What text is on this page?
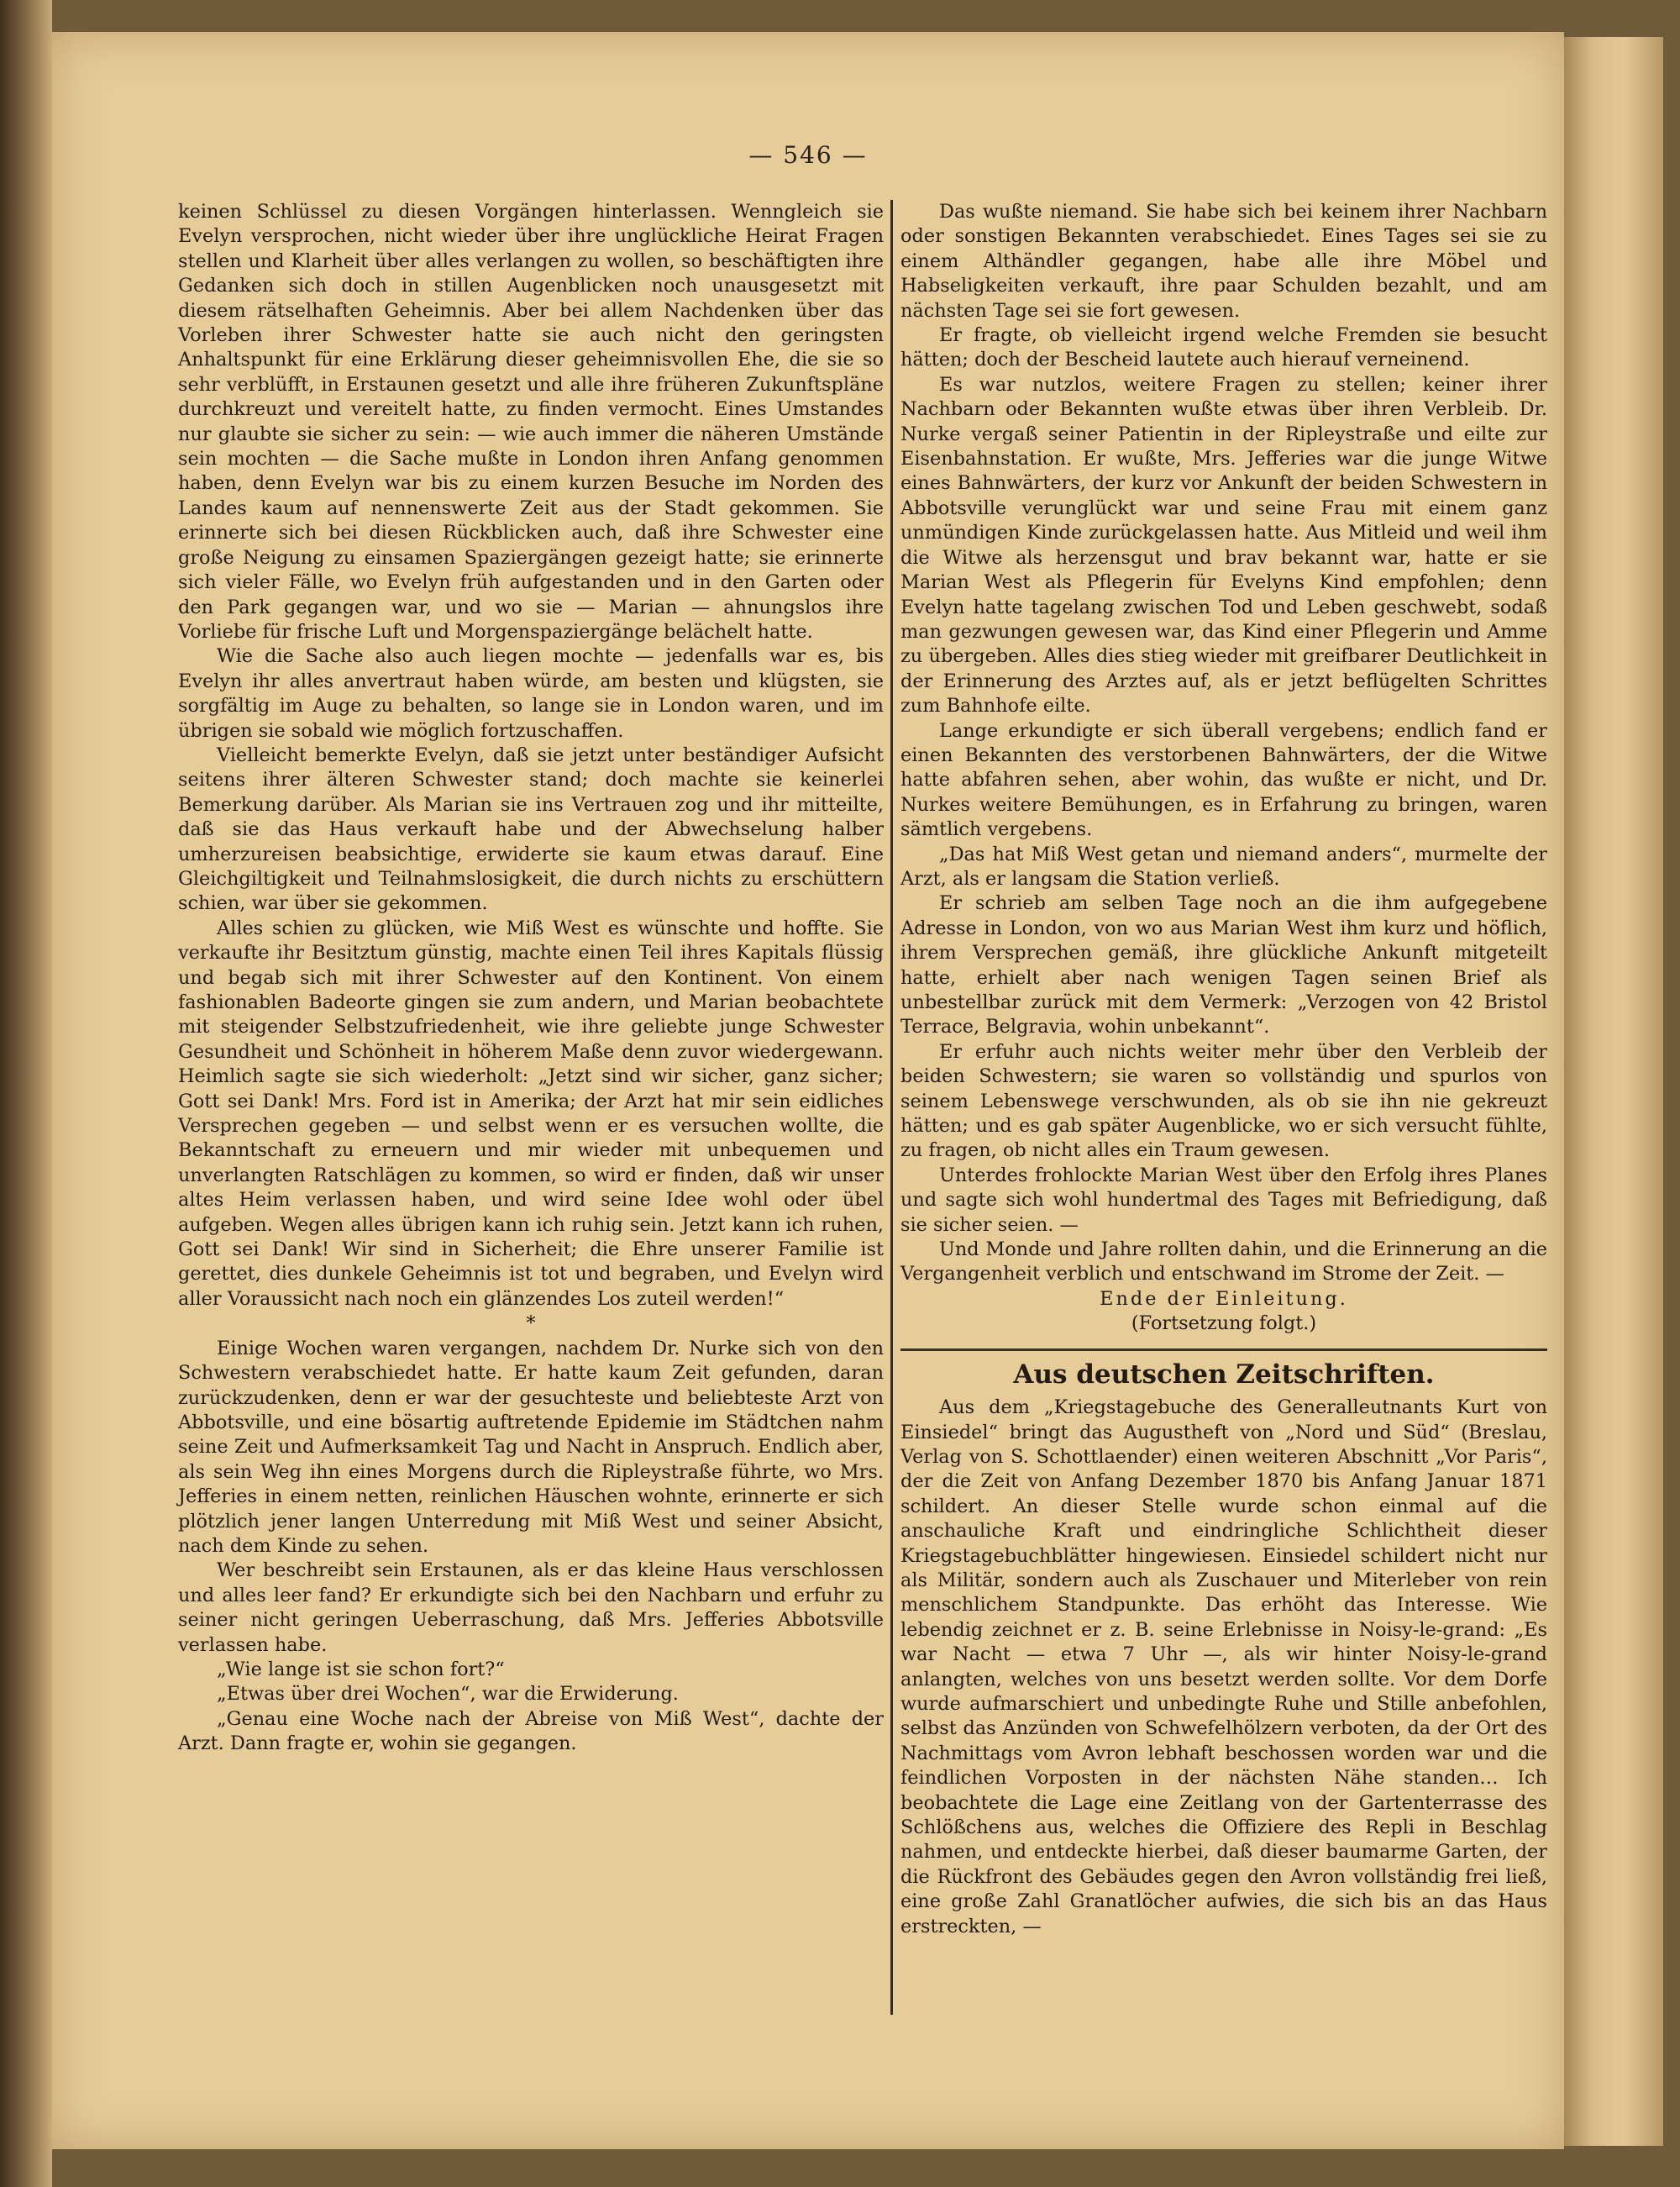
— 546 —

keinen Schlüssel zu diesen Vorgängen hinterlassen. Wenngleich sie Evelyn versprochen, nicht wieder über ihre unglückliche Heirat Fragen stellen und Klarheit über alles verlangen zu wollen, so beschäftigten ihre Gedanken sich doch in stillen Augenblicken noch unausgesetzt mit diesem rätselhaften Geheimnis. Aber bei allem Nachdenken über das Vorleben ihrer Schwester hatte sie auch nicht den geringsten Anhaltspunkt für eine Erklärung dieser geheimnisvollen Ehe, die sie so sehr verblüfft, in Erstaunen gesetzt und alle ihre früheren Zukunftspläne durchkreuzt und vereitelt hatte, zu finden vermocht. Eines Umstandes nur glaubte sie sicher zu sein: — wie auch immer die näheren Umstände sein mochten — die Sache mußte in London ihren Anfang genommen haben, denn Evelyn war bis zu einem kurzen Besuche im Norden des Landes kaum auf nennenswerte Zeit aus der Stadt gekommen. Sie erinnerte sich bei diesen Rückblicken auch, daß ihre Schwester eine große Neigung zu einsamen Spaziergängen gezeigt hatte; sie erinnerte sich vieler Fälle, wo Evelyn früh aufgestanden und in den Garten oder den Park gegangen war, und wo sie — Marian — ahnungslos ihre Vorliebe für frische Luft und Morgenspaziergänge belächelt hatte.

Wie die Sache also auch liegen mochte — jedenfalls war es, bis Evelyn ihr alles anvertraut haben würde, am besten und klügsten, sie sorgfältig im Auge zu behalten, so lange sie in London waren, und im übrigen sie sobald wie möglich fortzuschaffen.

Vielleicht bemerkte Evelyn, daß sie jetzt unter beständiger Aufsicht seitens ihrer älteren Schwester stand; doch machte sie keinerlei Bemerkung darüber. Als Marian sie ins Vertrauen zog und ihr mitteilte, daß sie das Haus verkauft habe und der Abwechselung halber umherzureisen beabsichtige, erwiderte sie kaum etwas darauf. Eine Gleichgiltigkeit und Teilnahmslosigkeit, die durch nichts zu erschüttern schien, war über sie gekommen.

Alles schien zu glücken, wie Miß West es wünschte und hoffte. Sie verkaufte ihr Besitztum günstig, machte einen Teil ihres Kapitals flüssig und begab sich mit ihrer Schwester auf den Kontinent. Von einem fashionablen Badeorte gingen sie zum andern, und Marian beobachtete mit steigender Selbstzufriedenheit, wie ihre geliebte junge Schwester Gesundheit und Schönheit in höherem Maße denn zuvor wiedergewann. Heimlich sagte sie sich wiederholt: „Jetzt sind wir sicher, ganz sicher; Gott sei Dank! Mrs. Ford ist in Amerika; der Arzt hat mir sein eidliches Versprechen gegeben — und selbst wenn er es versuchen wollte, die Bekanntschaft zu erneuern und mir wieder mit unbequemen und unverlangten Ratschlägen zu kommen, so wird er finden, daß wir unser altes Heim verlassen haben, und wird seine Idee wohl oder übel aufgeben. Wegen alles übrigen kann ich ruhig sein. Jetzt kann ich ruhen, Gott sei Dank! Wir sind in Sicherheit; die Ehre unserer Familie ist gerettet, dies dunkele Geheimnis ist tot und begraben, und Evelyn wird aller Voraussicht nach noch ein glänzendes Los zuteil werden!“

*

Einige Wochen waren vergangen, nachdem Dr. Nurke sich von den Schwestern verabschiedet hatte. Er hatte kaum Zeit gefunden, daran zurückzudenken, denn er war der gesuchteste und beliebteste Arzt von Abbotsville, und eine bösartig auftretende Epidemie im Städtchen nahm seine Zeit und Aufmerksamkeit Tag und Nacht in Anspruch. Endlich aber, als sein Weg ihn eines Morgens durch die Ripleystraße führte, wo Mrs. Jefferies in einem netten, reinlichen Häuschen wohnte, erinnerte er sich plötzlich jener langen Unterredung mit Miß West und seiner Absicht, nach dem Kinde zu sehen.

Wer beschreibt sein Erstaunen, als er das kleine Haus verschlossen und alles leer fand? Er erkundigte sich bei den Nachbarn und erfuhr zu seiner nicht geringen Ueberraschung, daß Mrs. Jefferies Abbotsville verlassen habe.

„Wie lange ist sie schon fort?“

„Etwas über drei Wochen“, war die Erwiderung.

„Genau eine Woche nach der Abreise von Miß West“, dachte der Arzt. Dann fragte er, wohin sie gegangen.

Das wußte niemand. Sie habe sich bei keinem ihrer Nachbarn oder sonstigen Bekannten verabschiedet. Eines Tages sei sie zu einem Althändler gegangen, habe alle ihre Möbel und Habseligkeiten verkauft, ihre paar Schulden bezahlt, und am nächsten Tage sei sie fort gewesen.

Er fragte, ob vielleicht irgend welche Fremden sie besucht hätten; doch der Bescheid lautete auch hierauf verneinend.

Es war nutzlos, weitere Fragen zu stellen; keiner ihrer Nachbarn oder Bekannten wußte etwas über ihren Verbleib. Dr. Nurke vergaß seiner Patientin in der Ripleystraße und eilte zur Eisenbahnstation. Er wußte, Mrs. Jefferies war die junge Witwe eines Bahnwärters, der kurz vor Ankunft der beiden Schwestern in Abbotsville verunglückt war und seine Frau mit einem ganz unmündigen Kinde zurückgelassen hatte. Aus Mitleid und weil ihm die Witwe als herzensgut und brav bekannt war, hatte er sie Marian West als Pflegerin für Evelyns Kind empfohlen; denn Evelyn hatte tagelang zwischen Tod und Leben geschwebt, sodaß man gezwungen gewesen war, das Kind einer Pflegerin und Amme zu übergeben. Alles dies stieg wieder mit greifbarer Deutlichkeit in der Erinnerung des Arztes auf, als er jetzt beflügelten Schrittes zum Bahnhofe eilte.

Lange erkundigte er sich überall vergebens; endlich fand er einen Bekannten des verstorbenen Bahnwärters, der die Witwe hatte abfahren sehen, aber wohin, das wußte er nicht, und Dr. Nurkes weitere Bemühungen, es in Erfahrung zu bringen, waren sämtlich vergebens.

„Das hat Miß West getan und niemand anders“, murmelte der Arzt, als er langsam die Station verließ.

Er schrieb am selben Tage noch an die ihm aufgegebene Adresse in London, von wo aus Marian West ihm kurz und höflich, ihrem Versprechen gemäß, ihre glückliche Ankunft mitgeteilt hatte, erhielt aber nach wenigen Tagen seinen Brief als unbestellbar zurück mit dem Vermerk: „Verzogen von 42 Bristol Terrace, Belgravia, wohin unbekannt“.

Er erfuhr auch nichts weiter mehr über den Verbleib der beiden Schwestern; sie waren so vollständig und spurlos von seinem Lebenswege verschwunden, als ob sie ihn nie gekreuzt hätten; und es gab später Augenblicke, wo er sich versucht fühlte, zu fragen, ob nicht alles ein Traum gewesen.

Unterdes frohlockte Marian West über den Erfolg ihres Planes und sagte sich wohl hundertmal des Tages mit Befriedigung, daß sie sicher seien. —

Und Monde und Jahre rollten dahin, und die Erinnerung an die Vergangenheit verblich und entschwand im Strome der Zeit. —

Ende der Einleitung.

(Fortsetzung folgt.)

Aus deutschen Zeitschriften.

Aus dem „Kriegstagebuche des Generalleutnants Kurt von Einsiedel“ bringt das Augustheft von „Nord und Süd“ (Breslau, Verlag von S. Schottlaender) einen weiteren Abschnitt „Vor Paris“, der die Zeit von Anfang Dezember 1870 bis Anfang Januar 1871 schildert. An dieser Stelle wurde schon einmal auf die anschauliche Kraft und eindringliche Schlichtheit dieser Kriegstagebuchblätter hingewiesen. Einsiedel schildert nicht nur als Militär, sondern auch als Zuschauer und Miterleber von rein menschlichem Standpunkte. Das erhöht das Interesse. Wie lebendig zeichnet er z. B. seine Erlebnisse in Noisy-le-grand: „Es war Nacht — etwa 7 Uhr —, als wir hinter Noisy-le-grand anlangten, welches von uns besetzt werden sollte. Vor dem Dorfe wurde aufmarschiert und unbedingte Ruhe und Stille anbefohlen, selbst das Anzünden von Schwefelhölzern verboten, da der Ort des Nachmittags vom Avron lebhaft beschossen worden war und die feindlichen Vorposten in der nächsten Nähe standen… Ich beobachtete die Lage eine Zeitlang von der Gartenterrasse des Schlößchens aus, welches die Offiziere des Repli in Beschlag nahmen, und entdeckte hierbei, daß dieser baumarme Garten, der die Rückfront des Gebäudes gegen den Avron vollständig frei ließ, eine große Zahl Granatlöcher aufwies, die sich bis an das Haus erstreckten, —
